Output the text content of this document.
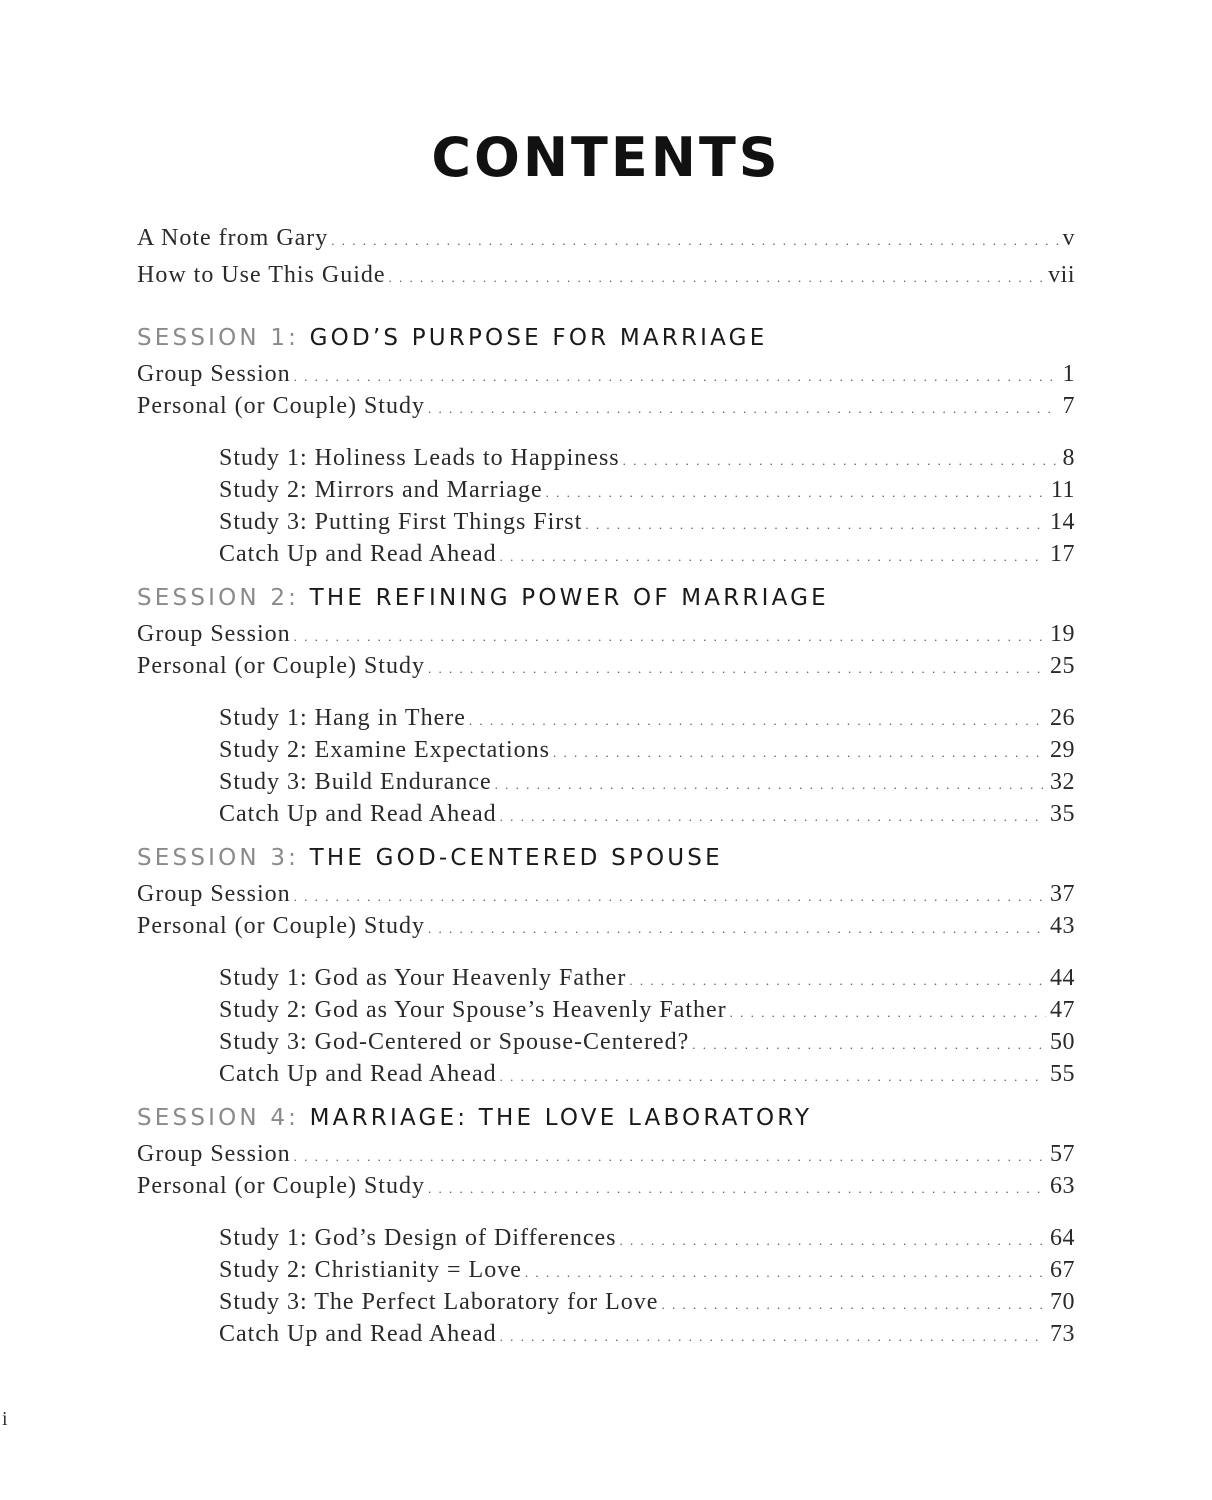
CONTENTS
A Note from Gary . . .	v
How to Use This Guide . . .	vii
SESSION 1: GOD’S PURPOSE FOR MARRIAGE
Group Session . . .	1
Personal (or Couple) Study . . .	7
Study 1: Holiness Leads to Happiness . . .	8
Study 2: Mirrors and Marriage . . .	11
Study 3: Putting First Things First . . .	14
Catch Up and Read Ahead . . .	17
SESSION 2: THE REFINING POWER OF MARRIAGE
Group Session . . .	19
Personal (or Couple) Study . . .	25
Study 1: Hang in There . . .	26
Study 2: Examine Expectations . . .	29
Study 3: Build Endurance . . .	32
Catch Up and Read Ahead . . .	35
SESSION 3: THE GOD-CENTERED SPOUSE
Group Session . . .	37
Personal (or Couple) Study . . .	43
Study 1: God as Your Heavenly Father . . .	44
Study 2: God as Your Spouse’s Heavenly Father . . .	47
Study 3: God-Centered or Spouse-Centered? . . .	50
Catch Up and Read Ahead . . .	55
SESSION 4: MARRIAGE: THE LOVE LABORATORY
Group Session . . .	57
Personal (or Couple) Study . . .	63
Study 1: God’s Design of Differences . . .	64
Study 2: Christianity = Love . . .	67
Study 3: The Perfect Laboratory for Love . . .	70
Catch Up and Read Ahead . . .	73
i
